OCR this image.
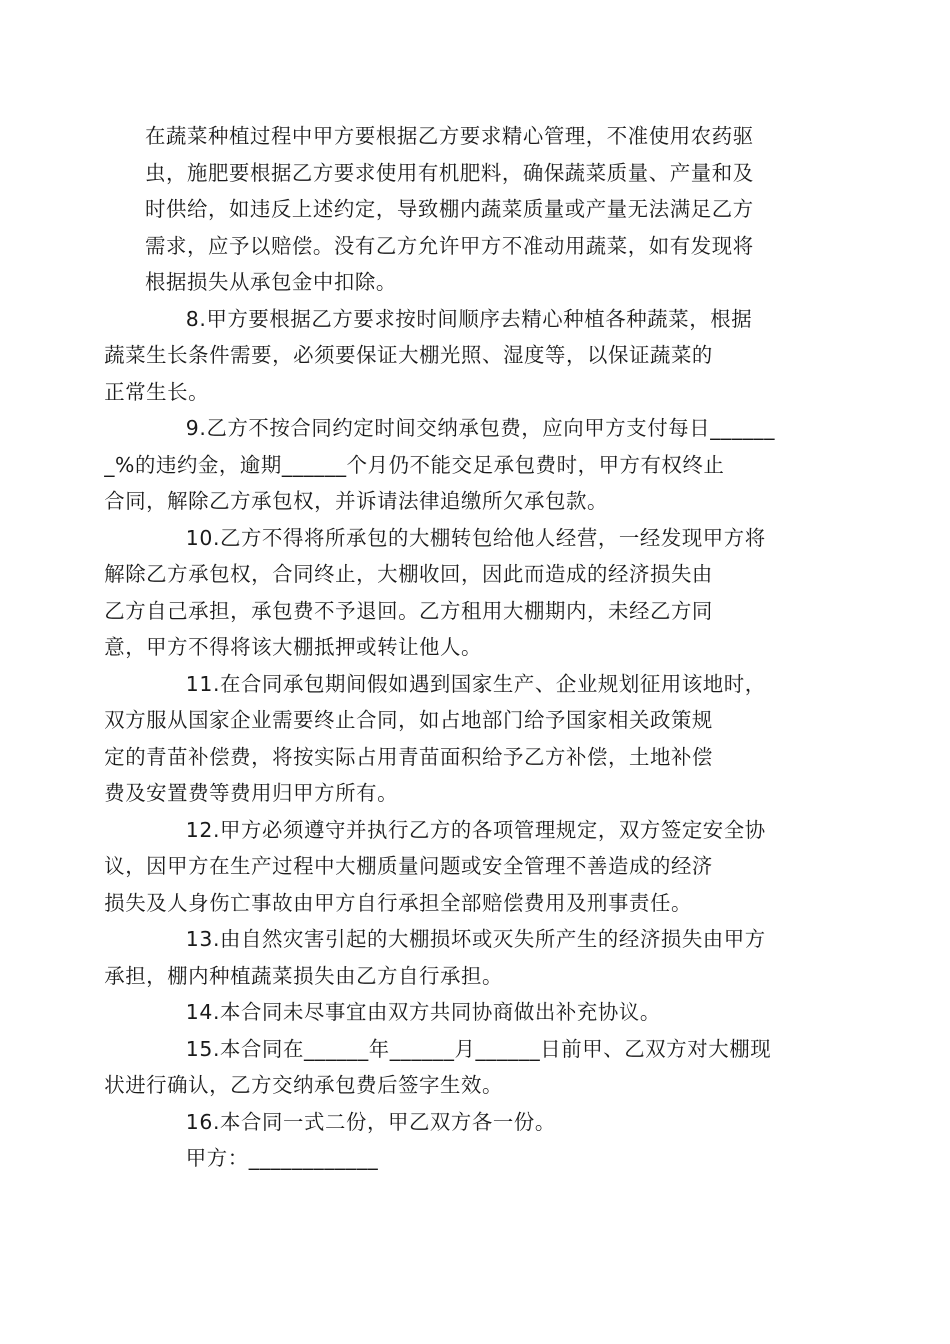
在蔬菜种植过程中甲方要根据乙方要求精心管理，不准使用农药驱
虫，施肥要根据乙方要求使用有机肥料，确保蔬菜质量、产量和及
时供给，如违反上述约定，导致棚内蔬菜质量或产量无法满足乙方
需求，应予以赔偿。没有乙方允许甲方不准动用蔬菜，如有发现将
根据损失从承包金中扣除。

8.甲方要根据乙方要求按时间顺序去精心种植各种蔬菜，根据
蔬菜生长条件需要，必须要保证大棚光照、湿度等，以保证蔬菜的
正常生长。

9.乙方不按合同约定时间交纳承包费，应向甲方支付每日______
_%的违约金，逾期______个月仍不能交足承包费时，甲方有权终止
合同，解除乙方承包权，并诉请法律追缴所欠承包款。

10.乙方不得将所承包的大棚转包给他人经营，一经发现甲方将
解除乙方承包权，合同终止，大棚收回，因此而造成的经济损失由
乙方自己承担，承包费不予退回。乙方租用大棚期内，未经乙方同
意，甲方不得将该大棚抵押或转让他人。

11.在合同承包期间假如遇到国家生产、企业规划征用该地时，
双方服从国家企业需要终止合同，如占地部门给予国家相关政策规
定的青苗补偿费，将按实际占用青苗面积给予乙方补偿，土地补偿
费及安置费等费用归甲方所有。

12.甲方必须遵守并执行乙方的各项管理规定，双方签定安全协
议，因甲方在生产过程中大棚质量问题或安全管理不善造成的经济
损失及人身伤亡事故由甲方自行承担全部赔偿费用及刑事责任。

13.由自然灾害引起的大棚损坏或灭失所产生的经济损失由甲方
承担，棚内种植蔬菜损失由乙方自行承担。

14.本合同未尽事宜由双方共同协商做出补充协议。

15.本合同在______年______月______日前甲、乙双方对大棚现
状进行确认，乙方交纳承包费后签字生效。

16.本合同一式二份，甲乙双方各一份。

甲方：____________
